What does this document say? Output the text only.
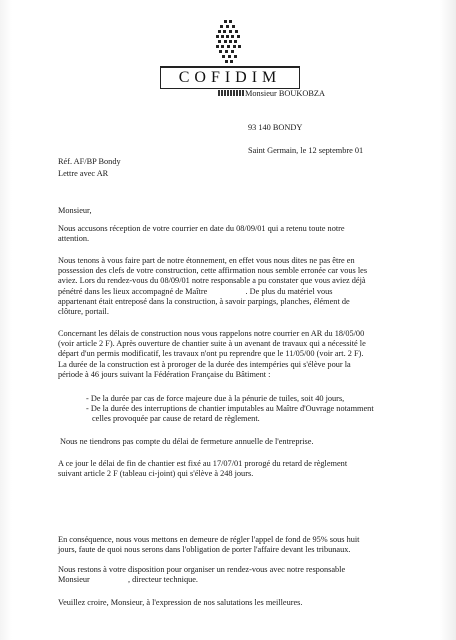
COFIDIM
Monsieur BOUKOBZA
93 140 BONDY
Saint Germain, le 12 septembre 01
Réf. AF/BP Bondy
Lettre avec AR
Monsieur,

Nous accusons réception de votre courrier en date du 08/09/01 qui a retenu toute notre

attention.

Nous tenons à vous faire part de notre étonnement, en effet vous nous dites ne pas être en

possession des clefs de votre construction, cette affirmation nous semble erronée car vous les

aviez. Lors du rendez-vous du 08/09/01 notre responsable a pu constater que vous aviez déjà

pénétré dans les lieux accompagné de Maître	. De plus du matériel vous

appartenant était entreposé dans la construction, à savoir parpings, planches, élément de

clôture, portail.

Concernant les délais de construction nous vous rappelons notre courrier en AR du 18/05/00

(voir article 2 F). Après ouverture de chantier suite à un avenant de travaux qui a nécessité le

départ d'un permis modificatif, les travaux n'ont pu reprendre que le 11/05/00 (voir art. 2 F).

La durée de la construction est à proroger de la durée des intempéries qui s'élève pour la

période à 46 jours suivant la Fédération Française du Bâtiment :

- De la durée par cas de force majeure due à la pénurie de tuiles, soit 40 jours,

- De la durée des interruptions de chantier imputables au Maître d'Ouvrage notamment

celles provoquée par cause de retard de règlement.

Nous ne tiendrons pas compte du délai de fermeture annuelle de l'entreprise.

A ce jour le délai de fin de chantier est fixé au 17/07/01 prorogé du retard de règlement

suivant article 2 F (tableau ci-joint) qui s'élève à 248 jours.

En conséquence, nous vous mettons en demeure de régler l'appel de fond de 95% sous huit

jours, faute de quoi nous serons dans l'obligation de porter l'affaire devant les tribunaux.

Nous restons à votre disposition pour organiser un rendez-vous avec notre responsable

Monsieur	, directeur technique.

Veuillez croire, Monsieur, à l'expression de nos salutations les meilleures.
